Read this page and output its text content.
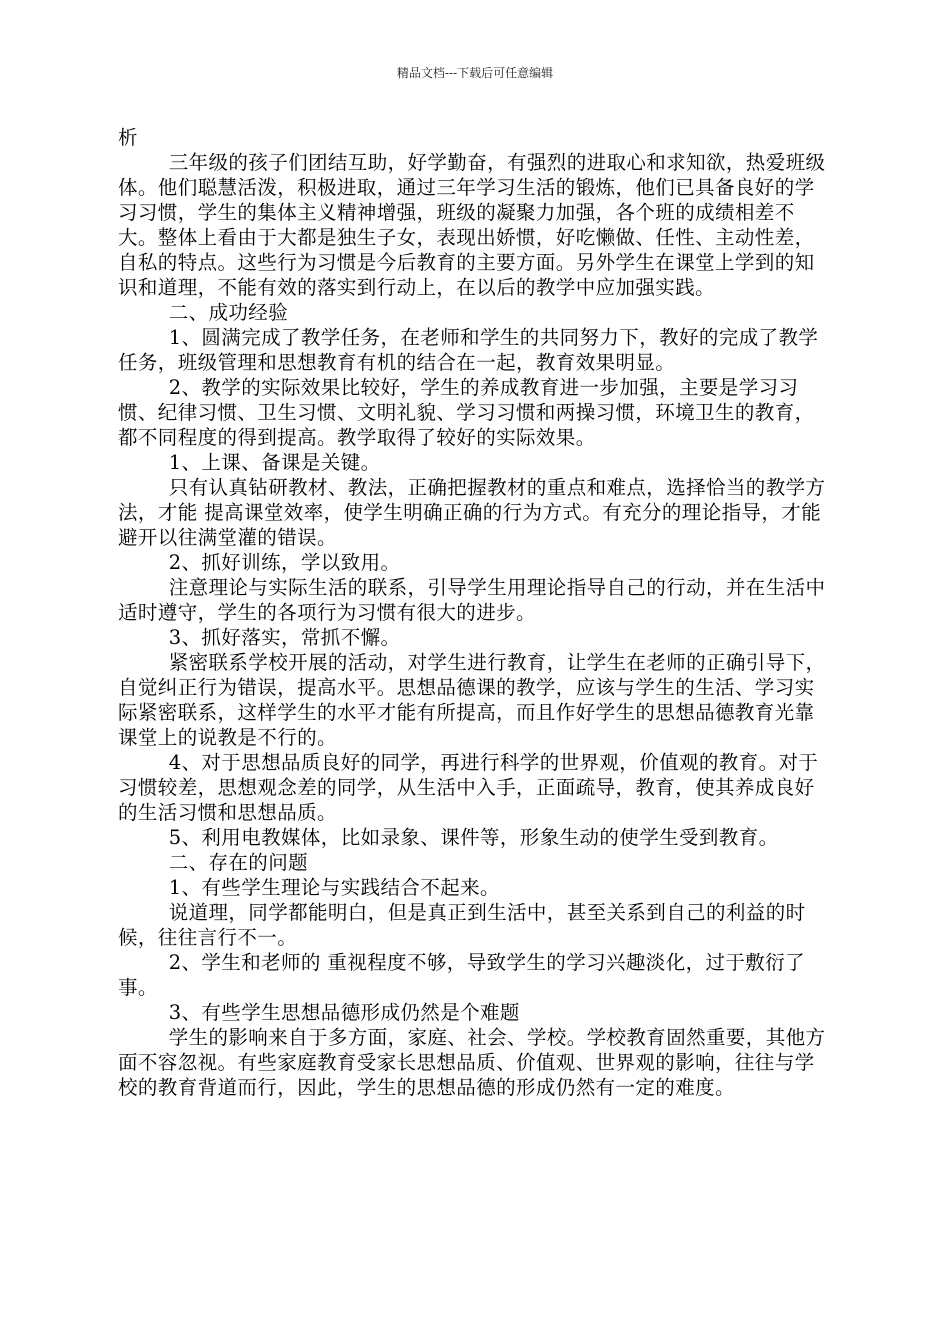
精品文档---下载后可任意编辑

析

三年级的孩子们团结互助，好学勤奋，有强烈的进取心和求知欲，热爱班级体。他们聪慧活泼，积极进取，通过三年学习生活的锻炼，他们已具备良好的学习习惯，学生的集体主义精神增强，班级的凝聚力加强，各个班的成绩相差不大。整体上看由于大都是独生子女，表现出娇惯，好吃懒做、任性、主动性差，自私的特点。这些行为习惯是今后教育的主要方面。另外学生在课堂上学到的知识和道理，不能有效的落实到行动上，在以后的教学中应加强实践。

二、成功经验

1、圆满完成了教学任务，在老师和学生的共同努力下，教好的完成了教学任务，班级管理和思想教育有机的结合在一起，教育效果明显。

2、教学的实际效果比较好，学生的养成教育进一步加强，主要是学习习惯、纪律习惯、卫生习惯、文明礼貌、学习习惯和两操习惯，环境卫生的教育，都不同程度的得到提高。教学取得了较好的实际效果。

1、上课、备课是关键。

只有认真钻研教材、教法，正确把握教材的重点和难点，选择恰当的教学方法，才能 提高课堂效率，使学生明确正确的行为方式。有充分的理论指导，才能避开以往满堂灌的错误。

2、抓好训练，学以致用。

注意理论与实际生活的联系，引导学生用理论指导自己的行动，并在生活中适时遵守，学生的各项行为习惯有很大的进步。

3、抓好落实，常抓不懈。

紧密联系学校开展的活动，对学生进行教育，让学生在老师的正确引导下，自觉纠正行为错误，提高水平。思想品德课的教学，应该与学生的生活、学习实际紧密联系，这样学生的水平才能有所提高，而且作好学生的思想品德教育光靠课堂上的说教是不行的。

4、对于思想品质良好的同学，再进行科学的世界观，价值观的教育。对于习惯较差，思想观念差的同学，从生活中入手，正面疏导，教育，使其养成良好的生活习惯和思想品质。

5、利用电教媒体，比如录象、课件等，形象生动的使学生受到教育。

二、存在的问题

1、有些学生理论与实践结合不起来。

说道理，同学都能明白，但是真正到生活中，甚至关系到自己的利益的时候，往往言行不一。

2、学生和老师的 重视程度不够，导致学生的学习兴趣淡化，过于敷衍了事。

3、有些学生思想品德形成仍然是个难题

学生的影响来自于多方面，家庭、社会、学校。学校教育固然重要，其他方面不容忽视。有些家庭教育受家长思想品质、价值观、世界观的影响，往往与学校的教育背道而行，因此，学生的思想品德的形成仍然有一定的难度。
